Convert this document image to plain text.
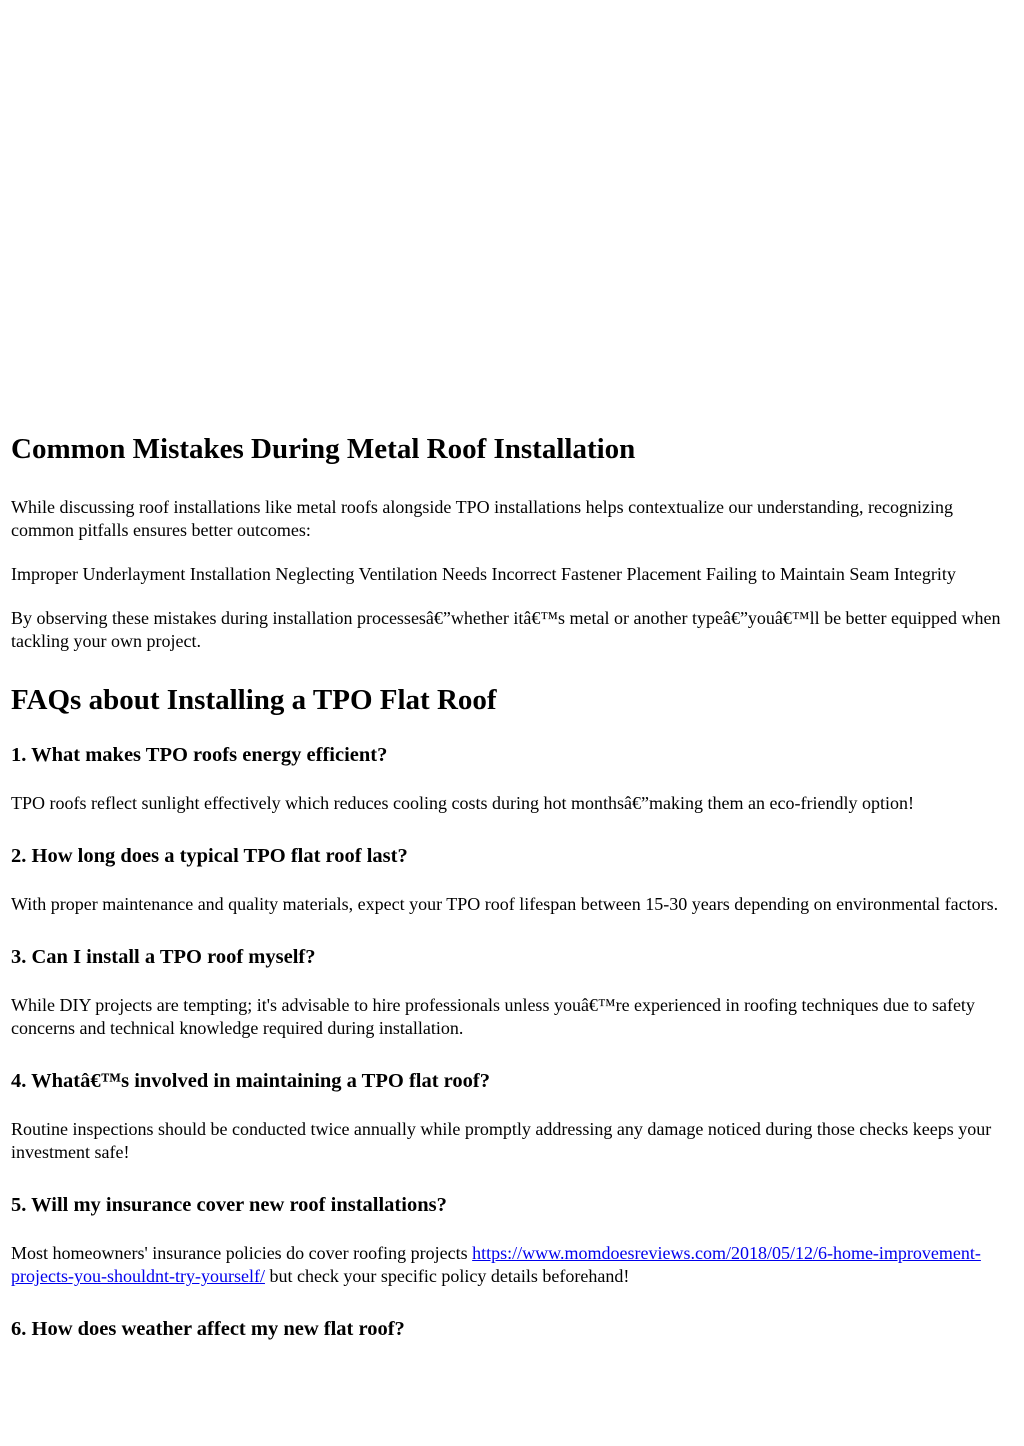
Common Mistakes During Metal Roof Installation

While discussing roof installations like metal roofs alongside TPO installations helps contextualize our understanding, recognizing common pitfalls ensures better outcomes:

Improper Underlayment Installation Neglecting Ventilation Needs Incorrect Fastener Placement Failing to Maintain Seam Integrity

By observing these mistakes during installation processesâ€”whether itâ€™s metal or another typeâ€”youâ€™ll be better equipped when tackling your own project.

FAQs about Installing a TPO Flat Roof
1. What makes TPO roofs energy efficient?

TPO roofs reflect sunlight effectively which reduces cooling costs during hot monthsâ€”making them an eco-friendly option!

2. How long does a typical TPO flat roof last?

With proper maintenance and quality materials, expect your TPO roof lifespan between 15-30 years depending on environmental factors.

3. Can I install a TPO roof myself?

While DIY projects are tempting; it's advisable to hire professionals unless youâ€™re experienced in roofing techniques due to safety concerns and technical knowledge required during installation.

4. Whatâ€™s involved in maintaining a TPO flat roof?

Routine inspections should be conducted twice annually while promptly addressing any damage noticed during those checks keeps your investment safe!

5. Will my insurance cover new roof installations?

Most homeowners' insurance policies do cover roofing projects https://www.momdoesreviews.com/2018/05/12/6-home-improvement-projects-you-shouldnt-try-yourself/ but check your specific policy details beforehand!

6. How does weather affect my new flat roof?
